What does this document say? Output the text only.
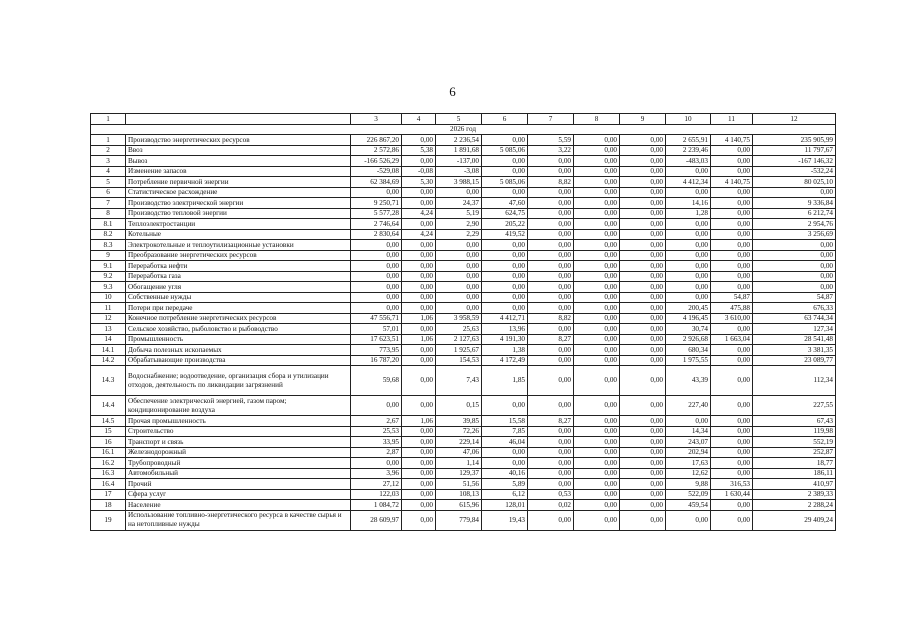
6
1		3	4	5	6	7	8	9	10	11	12
2026 год											
1	Производство энергетических ресурсов	226 867,20	0,00	2 236,54	0,00	5,59	0,00	0,00	2 655,91	4 140,75	235 905,99
2	Ввоз	2 572,86	5,38	1 891,68	5 085,06	3,22	0,00	0,00	2 239,46	0,00	11 797,67
3	Вывоз	-166 526,29	0,00	-137,00	0,00	0,00	0,00	0,00	-483,03	0,00	-167 146,32
4	Изменение запасов	-529,08	-0,08	-3,08	0,00	0,00	0,00	0,00	0,00	0,00	-532,24
5	Потребление первичной энергии	62 384,69	5,30	3 988,15	5 085,06	8,82	0,00	0,00	4 412,34	4 140,75	80 025,10
6	Статистическое расхождение	0,00	0,00	0,00	0,00	0,00	0,00	0,00	0,00	0,00	0,00
7	Производство электрической энергии	9 250,71	0,00	24,37	47,60	0,00	0,00	0,00	14,16	0,00	9 336,84
8	Производство тепловой энергии	5 577,28	4,24	5,19	624,75	0,00	0,00	0,00	1,28	0,00	6 212,74
8.1	Теплоэлектростанции	2 746,64	0,00	2,90	205,22	0,00	0,00	0,00	0,00	0,00	2 954,76
8.2	Котельные	2 830,64	4,24	2,29	419,52	0,00	0,00	0,00	0,00	0,00	3 256,69
8.3	Электрокотельные и теплоутилизационные установки	0,00	0,00	0,00	0,00	0,00	0,00	0,00	0,00	0,00	0,00
9	Преобразование энергетических ресурсов	0,00	0,00	0,00	0,00	0,00	0,00	0,00	0,00	0,00	0,00
9.1	Переработка нефти	0,00	0,00	0,00	0,00	0,00	0,00	0,00	0,00	0,00	0,00
9.2	Переработка газа	0,00	0,00	0,00	0,00	0,00	0,00	0,00	0,00	0,00	0,00
9.3	Обогащение угля	0,00	0,00	0,00	0,00	0,00	0,00	0,00	0,00	0,00	0,00
10	Собственные нужды	0,00	0,00	0,00	0,00	0,00	0,00	0,00	0,00	54,87	54,87
11	Потери при передаче	0,00	0,00	0,00	0,00	0,00	0,00	0,00	200,45	475,88	676,33
12	Конечное потребление энергетических ресурсов	47 556,71	1,06	3 958,59	4 412,71	8,82	0,00	0,00	4 196,45	3 610,00	63 744,34
13	Сельское хозяйство, рыболовство и рыбоводство	57,01	0,00	25,63	13,96	0,00	0,00	0,00	30,74	0,00	127,34
14	Промышленность	17 623,51	1,06	2 127,63	4 191,30	8,27	0,00	0,00	2 926,68	1 663,04	28 541,48
14.1	Добыча полезных ископаемых	773,95	0,00	1 925,67	1,38	0,00	0,00	0,00	680,34	0,00	3 381,35
14.2	Обрабатывающие производства	16 787,20	0,00	154,53	4 172,49	0,00	0,00	0,00	1 975,55	0,00	23 089,77
14.3	Водоснабжение; водоотведение, организация сбора и утилизации отходов, деятельность по ликвидации загрязнений	59,68	0,00	7,43	1,85	0,00	0,00	0,00	43,39	0,00	112,34
14.4	Обеспечение электрической энергией, газом паром; кондиционирование воздуха	0,00	0,00	0,15	0,00	0,00	0,00	0,00	227,40	0,00	227,55
14.5	Прочая промышленность	2,67	1,06	39,85	15,58	8,27	0,00	0,00	0,00	0,00	67,43
15	Строительство	25,53	0,00	72,26	7,85	0,00	0,00	0,00	14,34	0,00	119,98
16	Транспорт и связь	33,95	0,00	229,14	46,04	0,00	0,00	0,00	243,07	0,00	552,19
16.1	Железнодорожный	2,87	0,00	47,06	0,00	0,00	0,00	0,00	202,94	0,00	252,87
16.2	Трубопроводный	0,00	0,00	1,14	0,00	0,00	0,00	0,00	17,63	0,00	18,77
16.3	Автомобильный	3,96	0,00	129,37	40,16	0,00	0,00	0,00	12,62	0,00	186,11
16.4	Прочий	27,12	0,00	51,56	5,89	0,00	0,00	0,00	9,88	316,53	410,97
17	Сфера услуг	122,03	0,00	108,13	6,12	0,53	0,00	0,00	522,09	1 630,44	2 389,33
18	Население	1 084,72	0,00	615,96	128,01	0,02	0,00	0,00	459,54	0,00	2 288,24
19	Использование топливно-энергетического ресурса в качестве сырья и на нетопливные нужды	28 609,97	0,00	779,84	19,43	0,00	0,00	0,00	0,00	0,00	29 409,24
